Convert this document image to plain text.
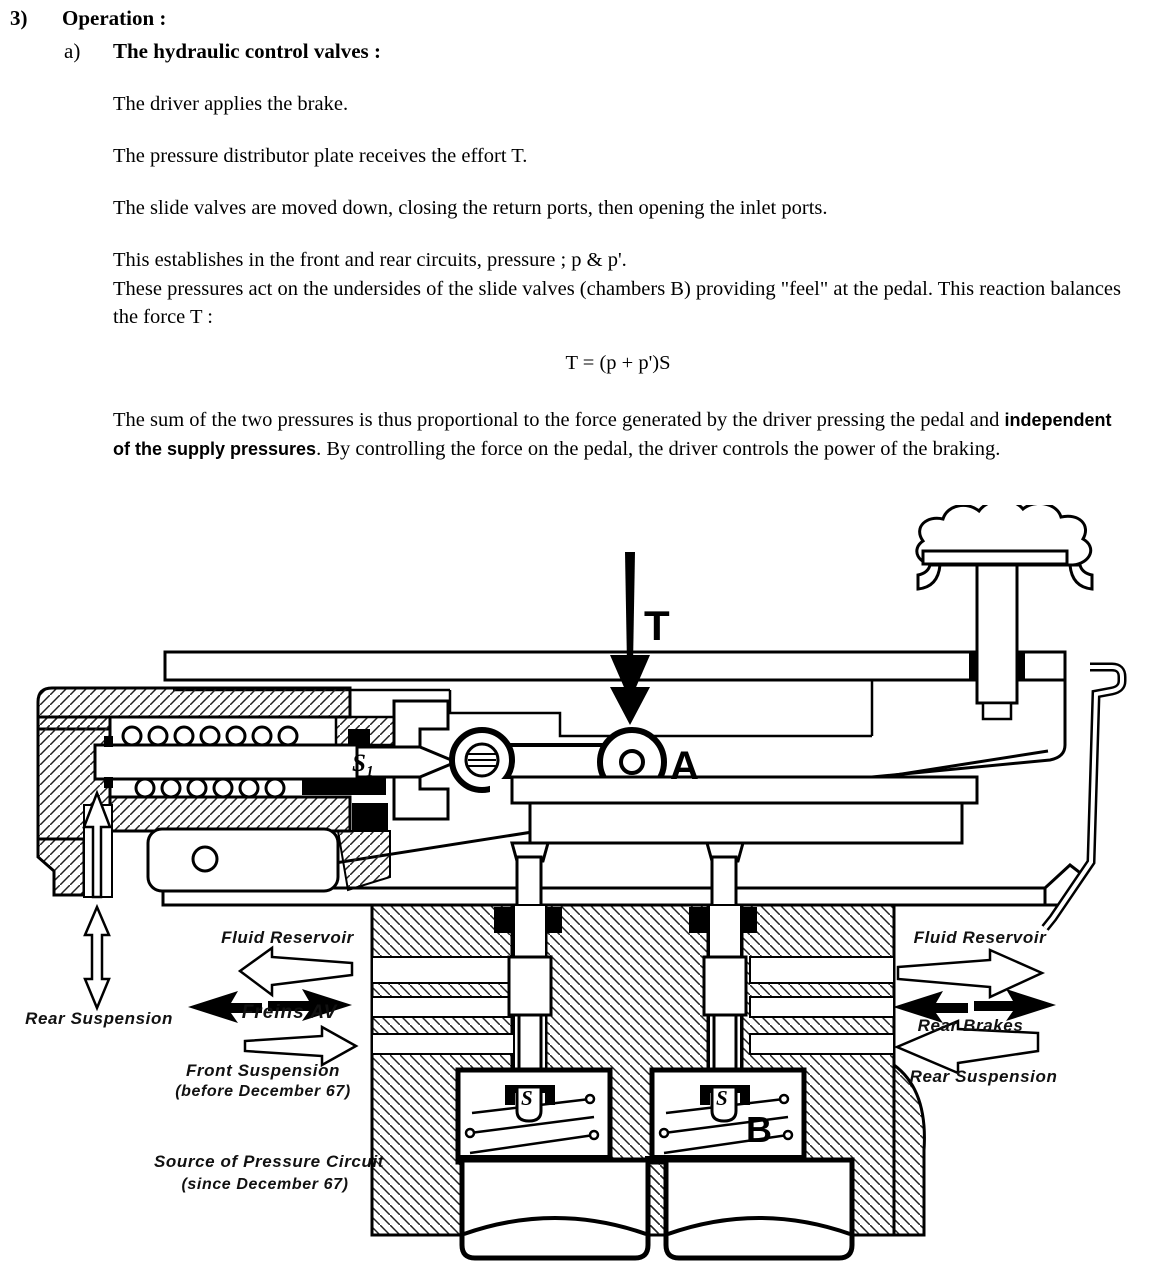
3) Operation :
a) The hydraulic control valves :
The driver applies the brake.
The pressure distributor plate receives the effort T.
The slide valves are moved down, closing the return ports, then opening the inlet ports.
This establishes in the front and rear circuits, pressure ; p & p'.
These pressures act on the undersides of the slide valves (chambers B) providing "feel" at the pedal. This reaction balances the force T :
T = (p + p')S
The sum of the two pressures is thus proportional to the force generated by the driver pressing the pedal and independent of the supply pressures. By controlling the force on the pedal, the driver controls the power of the braking.
T
A
S₁
B
S	S
Fluid Reservoir
Freins AV
Front Suspension
(before December 67)
Rear Suspension
Source of Pressure Circuit
(since December 67)
Fluid Reservoir
Rear Brakes
Rear Suspension
